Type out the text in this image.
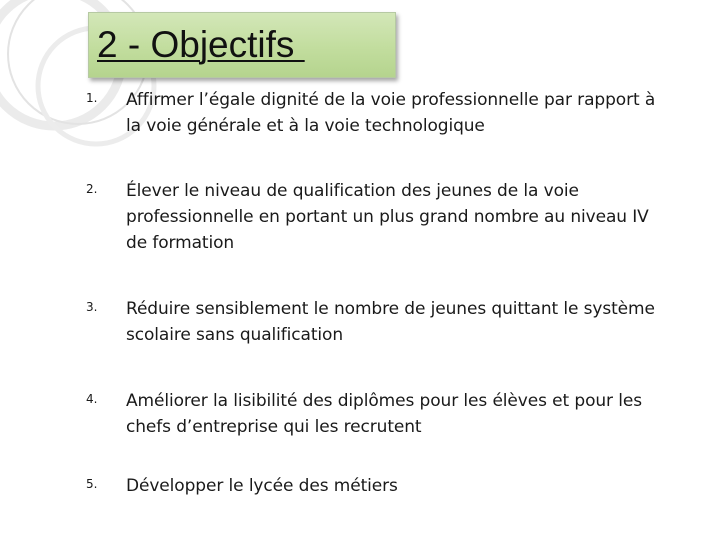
2 - Objectifs
1. Affirmer l’égale dignité de la voie professionnelle par rapport à la voie générale et à la voie technologique
2. Élever le niveau de qualification des jeunes de la voie professionnelle en portant un plus grand nombre au niveau IV de formation
3. Réduire sensiblement le nombre de jeunes quittant le système scolaire sans qualification
4. Améliorer la lisibilité des diplômes pour les élèves et pour les chefs d’entreprise qui les recrutent
5. Développer le lycée des métiers
